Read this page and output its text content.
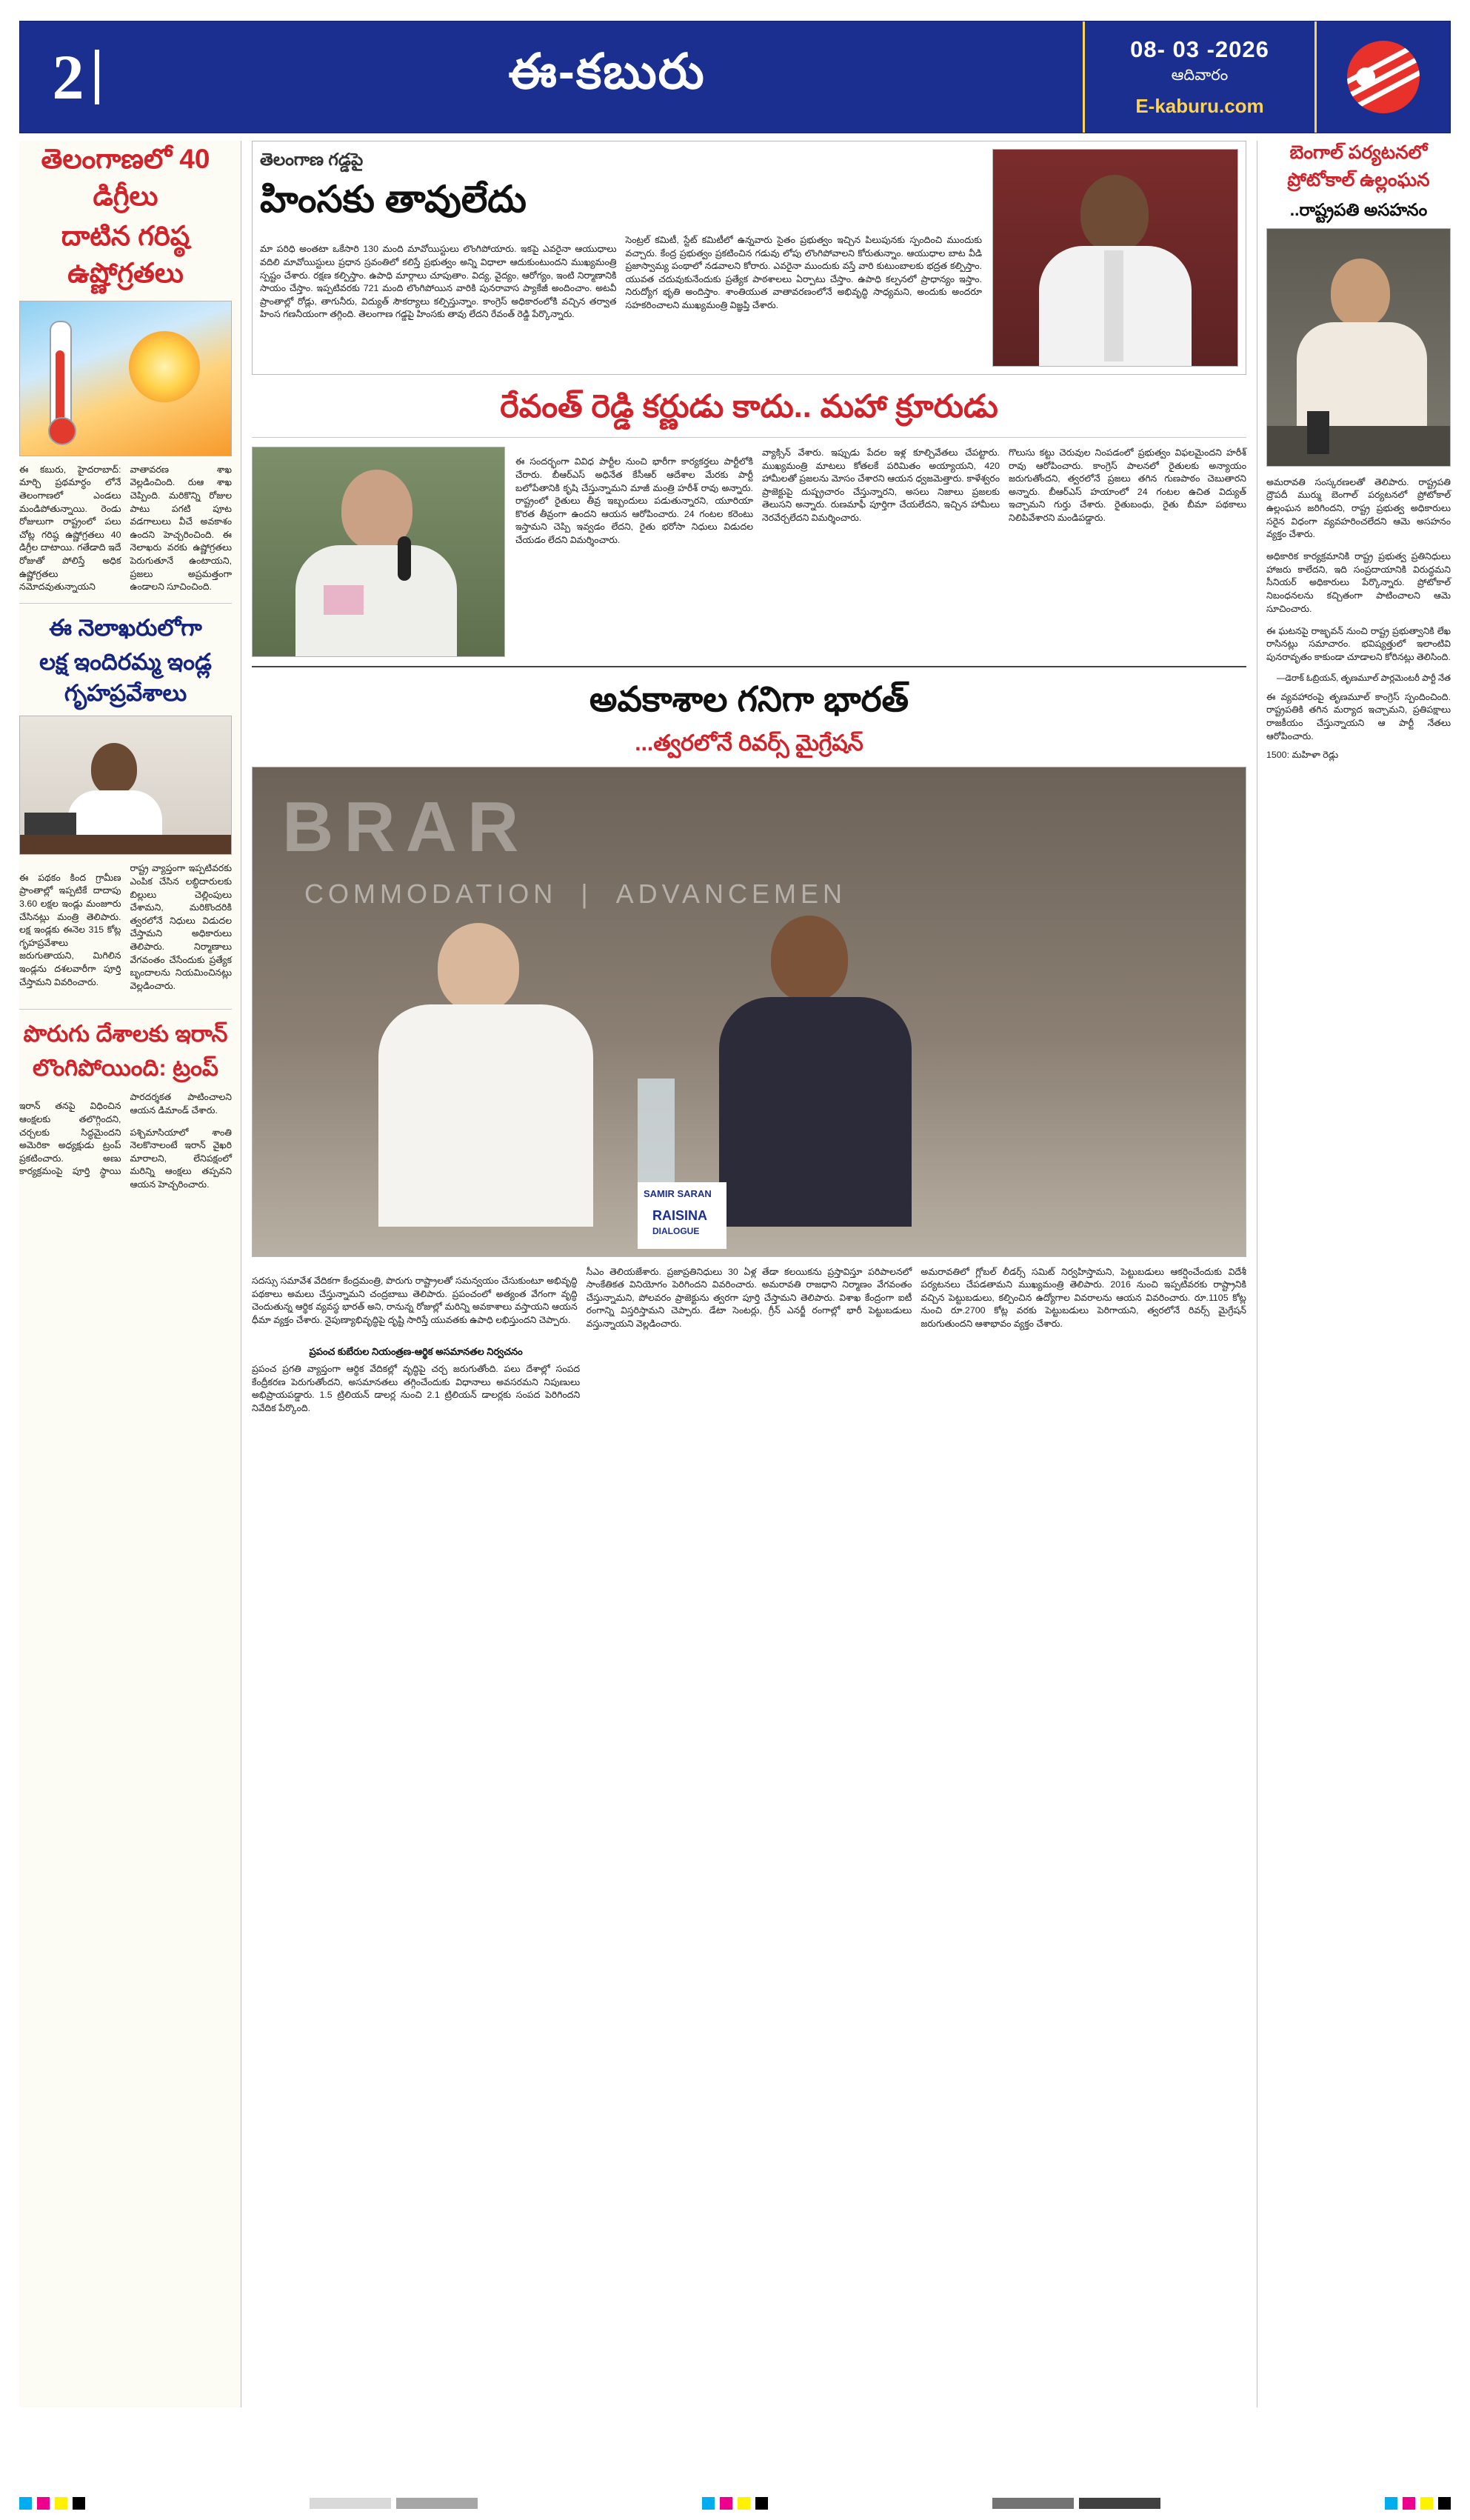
2	ఈ-కబురు	08- 03 -2026
ఆదివారం
E-kaburu.com
తెలంగాణలో 40 డిగ్రీలు
దాటిన గరిష్ఠ ఉష్ణోగ్రతలు
ఈ కబురు, హైదరాబాద్: మార్చి ప్రథమార్ధం లోనే తెలంగాణలో ఎండలు మండిపోతున్నాయి. రెండు రోజులుగా రాష్ట్రంలో పలు చోట్ల గరిష్ఠ ఉష్ణోగ్రతలు 40 డిగ్రీల దాటాయి. గతేడాది ఇదే రోజుతో పోలిస్తే అధిక ఉష్ణోగ్రతలు నమోదవుతున్నాయని వాతావరణ శాఖ వెల్లడించింది. రుఆ శాఖ చెప్పింది. మరికొన్ని రోజుల పాటు పగటి పూట వడగాలులు వీచే అవకాశం ఉందని హెచ్చరించింది. ఈ నెలాఖరు వరకు ఉష్ణోగ్రతలు పెరుగుతూనే ఉంటాయని, ప్రజలు అప్రమత్తంగా ఉండాలని సూచించింది.
ఈ నెలాఖరులోగా
లక్ష ఇందిరమ్మ ఇండ్ల గృహప్రవేశాలు

ఈ పథకం కింద గ్రామీణ ప్రాంతాల్లో ఇప్పటికే దాదాపు 3.60 లక్షల ఇండ్లు మంజూరు చేసినట్లు మంత్రి తెలిపారు. లక్ష ఇండ్లకు ఈనెల 315 కోట్ల గృహప్రవేశాలు జరుగుతాయని, మిగిలిన ఇండ్లను దశలవారీగా పూర్తి చేస్తామని వివరించారు.

రాష్ట్ర వ్యాప్తంగా ఇప్పటివరకు ఎంపిక చేసిన లబ్ధిదారులకు బిల్లులు చెల్లింపులు చేశామని, మరికొందరికి త్వరలోనే నిధులు విడుదల చేస్తామని అధికారులు తెలిపారు. నిర్మాణాలు వేగవంతం చేసేందుకు ప్రత్యేక బృందాలను నియమించినట్లు వెల్లడించారు.

పొరుగు దేశాలకు ఇరాన్
లొంగిపోయింది: ట్రంప్

ఇరాన్ తనపై విధించిన ఆంక్షలకు తలొగ్గిందని, చర్చలకు సిద్ధమైందని అమెరికా అధ్యక్షుడు ట్రంప్ ప్రకటించారు. అణు కార్యక్రమంపై పూర్తి స్థాయి పారదర్శకత పాటించాలని ఆయన డిమాండ్ చేశారు.

పశ్చిమాసియాలో శాంతి నెలకొనాలంటే ఇరాన్ వైఖరి మారాలని, లేనిపక్షంలో మరిన్ని ఆంక్షలు తప్పవని ఆయన హెచ్చరించారు.

తెలంగాణ గడ్డపై
హింసకు తావులేదు

మా పరిధి అంతటా ఒకేసారి 130 మంది మావోయిస్టులు లొంగిపోయారు. ఇకపై ఎవరైనా ఆయుధాలు వదిలి మావోయిస్టులు ప్రధాన స్రవంతిలో కలిస్తే ప్రభుత్వం అన్ని విధాలా ఆదుకుంటుందని ముఖ్యమంత్రి స్పష్టం చేశారు. రక్షణ కల్పిస్తాం. ఉపాధి మార్గాలు చూపుతాం. విద్య, వైద్యం, ఆరోగ్యం, ఇంటి నిర్మాణానికి సాయం చేస్తాం. ఇప్పటివరకు 721 మంది లొంగిపోయిన వారికి పునరావాస ప్యాకేజీ అందించాం. అటవీ ప్రాంతాల్లో రోడ్లు, తాగునీరు, విద్యుత్ సౌకర్యాలు కల్పిస్తున్నాం. కాంగ్రెస్ అధికారంలోకి వచ్చిన తర్వాత హింస గణనీయంగా తగ్గింది. తెలంగాణ గడ్డపై హింసకు తావు లేదని రేవంత్ రెడ్డి పేర్కొన్నారు.

సెంట్రల్ కమిటీ, స్టేట్ కమిటీలో ఉన్నవారు సైతం ప్రభుత్వం ఇచ్చిన పిలుపునకు స్పందించి ముందుకు వచ్చారు. కేంద్ర ప్రభుత్వం ప్రకటించిన గడువు లోపు లొంగిపోవాలని కోరుతున్నాం. ఆయుధాల బాట వీడి ప్రజాస్వామ్య పంథాలో నడవాలని కోరారు. ఎవరైనా ముందుకు వస్తే వారి కుటుంబాలకు భద్రత కల్పిస్తాం. యువత చదువుకునేందుకు ప్రత్యేక పాఠశాలలు ఏర్పాటు చేస్తాం. ఉపాధి కల్పనలో ప్రాధాన్యం ఇస్తాం. నిరుద్యోగ భృతి అందిస్తాం. శాంతియుత వాతావరణంలోనే అభివృద్ధి సాధ్యమని, అందుకు అందరూ సహకరించాలని ముఖ్యమంత్రి విజ్ఞప్తి చేశారు.

రేవంత్ రెడ్డి కర్ణుడు కాదు.. మహా క్రూరుడు

ఈ సందర్భంగా వివిధ పార్టీల నుంచి భారీగా కార్యకర్తలు పార్టీలోకి చేరారు. బీఆర్ఎస్ అధినేత కేసీఆర్ ఆదేశాల మేరకు పార్టీ బలోపేతానికి కృషి చేస్తున్నామని మాజీ మంత్రి హరీశ్ రావు అన్నారు. రాష్ట్రంలో రైతులు తీవ్ర ఇబ్బందులు పడుతున్నారని, యూరియా కొరత తీవ్రంగా ఉందని ఆయన ఆరోపించారు. 24 గంటల కరెంటు ఇస్తామని చెప్పి ఇవ్వడం లేదని, రైతు భరోసా నిధులు విడుదల చేయడం లేదని విమర్శించారు.

వ్యాక్సిన్ వేశారు. ఇప్పుడు పేదల ఇళ్ల కూల్చివేతలు చేపట్టారు. ముఖ్యమంత్రి మాటలు కోతలకే పరిమితం అయ్యాయని, 420 హామీలతో ప్రజలను మోసం చేశారని ఆయన ధ్వజమెత్తారు. కాళేశ్వరం ప్రాజెక్టుపై దుష్ప్రచారం చేస్తున్నారని, అసలు నిజాలు ప్రజలకు తెలుసని అన్నారు. రుణమాఫీ పూర్తిగా చేయలేదని, ఇచ్చిన హామీలు నెరవేర్చలేదని విమర్శించారు.

గొలుసు కట్టు చెరువుల నింపడంలో ప్రభుత్వం విఫలమైందని హరీశ్ రావు ఆరోపించారు. కాంగ్రెస్ పాలనలో రైతులకు అన్యాయం జరుగుతోందని, త్వరలోనే ప్రజలు తగిన గుణపాఠం చెబుతారని అన్నారు. బీఆర్ఎస్ హయాంలో 24 గంటల ఉచిత విద్యుత్ ఇచ్చామని గుర్తు చేశారు. రైతుబంధు, రైతు బీమా పథకాలు నిలిపివేశారని మండిపడ్డారు.

అవకాశాల గనిగా భారత్
...త్వరలోనే రివర్స్ మైగ్రేషన్
BRAR
COMMODATION  |  ADVANCEMEN
SAMIR SARAN
RAISINA
DIALOGUE

సదస్సు సమావేశ వేదికగా కేంద్రమంత్రి, పొరుగు రాష్ట్రాలతో సమన్వయం చేసుకుంటూ అభివృద్ధి పథకాలు అమలు చేస్తున్నామని చంద్రబాబు తెలిపారు. ప్రపంచంలో అత్యంత వేగంగా వృద్ధి చెందుతున్న ఆర్థిక వ్యవస్థ భారత్ అని, రానున్న రోజుల్లో మరిన్ని అవకాశాలు వస్తాయని ఆయన ధీమా వ్యక్తం చేశారు. నైపుణ్యాభివృద్ధిపై దృష్టి సారిస్తే యువతకు ఉపాధి లభిస్తుందని చెప్పారు.

సీఎం తెలియజేశారు. ప్రజాప్రతినిధులు 30 ఏళ్ల తేడా కలయికను ప్రస్తావిస్తూ పరిపాలనలో సాంకేతికత వినియోగం పెరిగిందని వివరించారు. అమరావతి రాజధాని నిర్మాణం వేగవంతం చేస్తున్నామని, పోలవరం ప్రాజెక్టును త్వరగా పూర్తి చేస్తామని తెలిపారు. విశాఖ కేంద్రంగా ఐటీ రంగాన్ని విస్తరిస్తామని చెప్పారు. డేటా సెంటర్లు, గ్రీన్ ఎనర్జీ రంగాల్లో భారీ పెట్టుబడులు వస్తున్నాయని వెల్లడించారు.

అమరావతిలో గ్లోబల్ లీడర్స్ సమిట్ నిర్వహిస్తామని, పెట్టుబడులు ఆకర్షించేందుకు విదేశీ పర్యటనలు చేపడతామని ముఖ్యమంత్రి తెలిపారు. 2016 నుంచి ఇప్పటివరకు రాష్ట్రానికి వచ్చిన పెట్టుబడులు, కల్పించిన ఉద్యోగాల వివరాలను ఆయన వివరించారు. రూ.1105 కోట్ల నుంచి రూ.2700 కోట్ల వరకు పెట్టుబడులు పెరిగాయని, త్వరలోనే రివర్స్ మైగ్రేషన్ జరుగుతుందని ఆశాభావం వ్యక్తం చేశారు.

ప్రపంచ కుబేరుల నియంత్రణ-ఆర్థిక అసమానతల నిర్వచనం
ప్రపంచ ప్రగతి వ్యాప్తంగా ఆర్థిక వేదికల్లో వృద్ధిపై చర్చ జరుగుతోంది. పలు దేశాల్లో సంపద కేంద్రీకరణ పెరుగుతోందని, అసమానతలు తగ్గించేందుకు విధానాలు అవసరమని నిపుణులు అభిప్రాయపడ్డారు. 1.5 ట్రిలియన్ డాలర్ల నుంచి 2.1 ట్రిలియన్ డాలర్లకు సంపద పెరిగిందని నివేదిక పేర్కొంది.
బెంగాల్ పర్యటనలో
ప్రోటోకాల్ ఉల్లంఘన
..రాష్ట్రపతి అసహనం

అమరావతి సంస్కరణలతో తెలిపారు. రాష్ట్రపతి ద్రౌపదీ ముర్ము బెంగాల్ పర్యటనలో ప్రోటోకాల్ ఉల్లంఘన జరిగిందని, రాష్ట్ర ప్రభుత్వ అధికారులు సరైన విధంగా వ్యవహరించలేదని ఆమె అసహనం వ్యక్తం చేశారు.

అధికారిక కార్యక్రమానికి రాష్ట్ర ప్రభుత్వ ప్రతినిధులు హాజరు కాలేదని, ఇది సంప్రదాయానికి విరుద్ధమని సీనియర్ అధికారులు పేర్కొన్నారు. ప్రోటోకాల్ నిబంధనలను కచ్చితంగా పాటించాలని ఆమె సూచించారు.

ఈ ఘటనపై రాజ్భవన్ నుంచి రాష్ట్ర ప్రభుత్వానికి లేఖ రాసినట్లు సమాచారం. భవిష్యత్తులో ఇలాంటివి పునరావృతం కాకుండా చూడాలని కోరినట్లు తెలిసింది.

—డెరాక్ ఓబ్రియన్, తృణమూల్ పార్లమెంటరీ పార్టీ నేత
ఈ వ్యవహారంపై తృణమూల్ కాంగ్రెస్ స్పందించింది. రాష్ట్రపతికి తగిన మర్యాద ఇచ్చామని, ప్రతిపక్షాలు రాజకీయం చేస్తున్నాయని ఆ పార్టీ నేతలు ఆరోపించారు.
1500: మహిళా రెడ్లు
